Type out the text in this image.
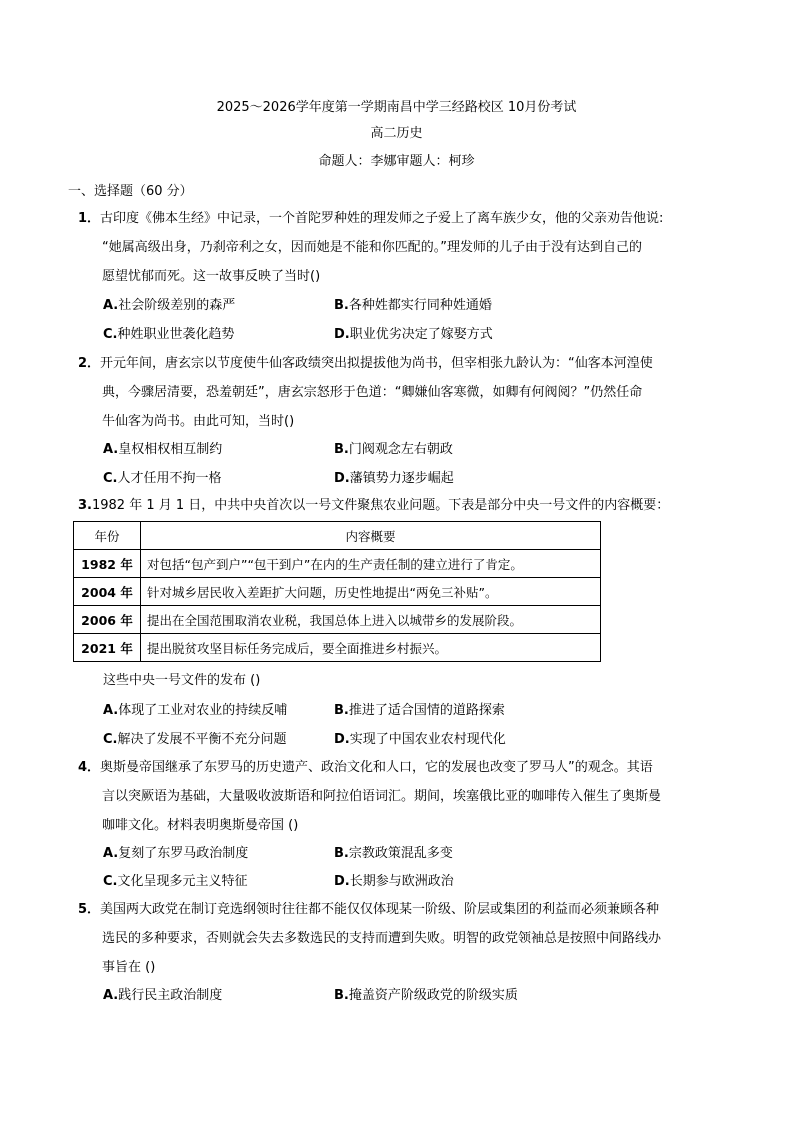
2025～2026学年度第一学期南昌中学三经路校区 10月份考试
高二历史
命题人：李娜审题人：柯珍
一、选择题（60 分）
1．古印度《佛本生经》中记录，一个首陀罗种姓的理发师之子爱上了离车族少女，他的父亲劝告他说:
“她属高级出身，乃刹帝利之女，因而她是不能和你匹配的。”理发师的儿子由于没有达到自己的
愿望忧郁而死。这一故事反映了当时()
A.社会阶级差别的森严	B.各种姓都实行同种姓通婚
C.种姓职业世袭化趋势	D.职业优劣决定了嫁娶方式
2．开元年间，唐玄宗以节度使牛仙客政绩突出拟提拔他为尚书，但宰相张九龄认为：“仙客本河湟使
典，今骤居清要，恐羞朝廷”，唐玄宗怒形于色道：“卿嫌仙客寒微，如卿有何阀阅？”仍然任命
牛仙客为尚书。由此可知，当时()
A.皇权相权相互制约	B.门阀观念左右朝政
C.人才任用不拘一格	D.藩镇势力逐步崛起
3.1982 年 1 月 1 日，中共中央首次以一号文件聚焦农业问题。下表是部分中央一号文件的内容概要：
年份	内容概要
1982 年	对包括“包产到户”“包干到户”在内的生产责任制的建立进行了肯定。
2004 年	针对城乡居民收入差距扩大问题，历史性地提出“两免三补贴”。
2006 年	提出在全国范围取消农业税，我国总体上进入以城带乡的发展阶段。
2021 年	提出脱贫攻坚目标任务完成后，要全面推进乡村振兴。
这些中央一号文件的发布 ()
A.体现了工业对农业的持续反哺	B.推进了适合国情的道路探索
C.解决了发展不平衡不充分问题	D.实现了中国农业农村现代化
4．奥斯曼帝国继承了东罗马的历史遗产、政治文化和人口，它的发展也改变了罗马人”的观念。其语
言以突厥语为基础，大量吸收波斯语和阿拉伯语词汇。期间，埃塞俄比亚的咖啡传入催生了奥斯曼
咖啡文化。材料表明奥斯曼帝国 ()
A.复刻了东罗马政治制度	B.宗教政策混乱多变
C.文化呈现多元主义特征	D.长期参与欧洲政治
5．美国两大政党在制订竞选纲领时往往都不能仅仅体现某一阶级、阶层或集团的利益而必须兼顾各种
选民的多种要求，否则就会失去多数选民的支持而遭到失败。明智的政党领袖总是按照中间路线办
事旨在 ()
A.践行民主政治制度	B.掩盖资产阶级政党的阶级实质
